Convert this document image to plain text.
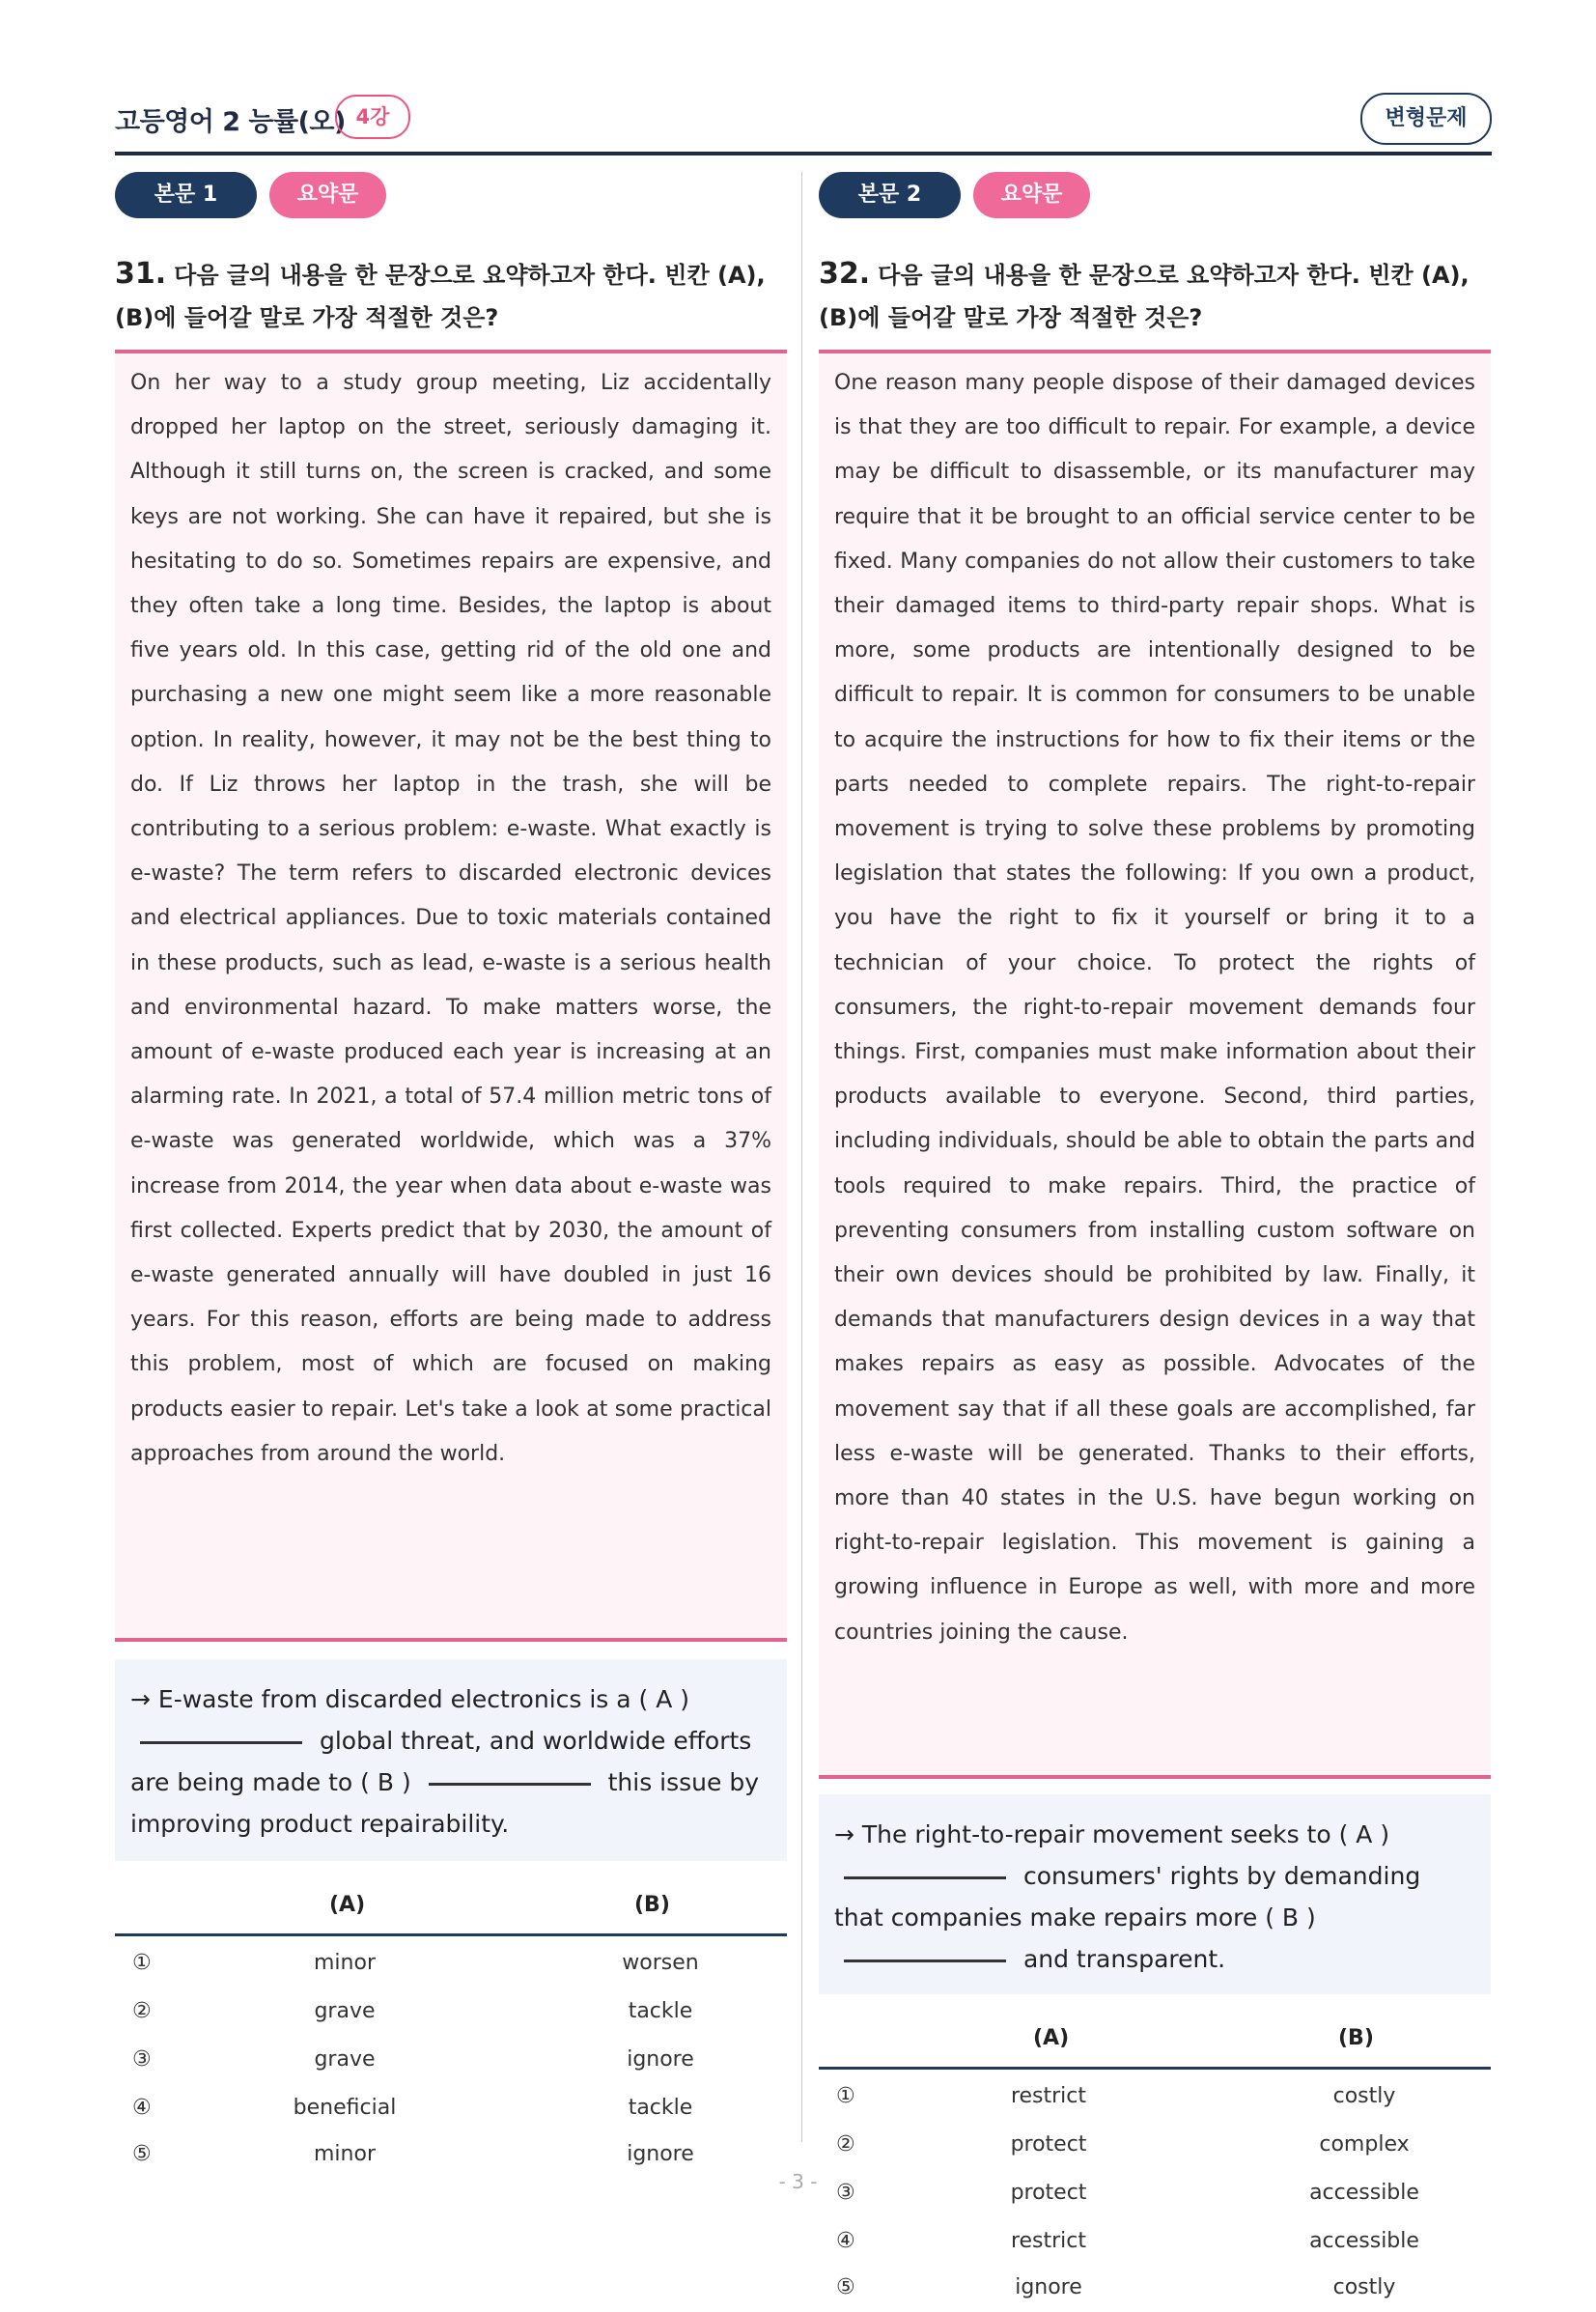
고등영어 2 능률(오) 4강	변형문제
본문 1	요약문
31. 다음 글의 내용을 한 문장으로 요약하고자 한다. 빈칸 (A), (B)에 들어갈 말로 가장 적절한 것은?

On her way to a study group meeting, Liz accidentally dropped her laptop on the street, seriously damaging it. Although it still turns on, the screen is cracked, and some keys are not working. She can have it repaired, but she is hesitating to do so. Sometimes repairs are expensive, and they often take a long time. Besides, the laptop is about five years old. In this case, getting rid of the old one and purchasing a new one might seem like a more reasonable option. In reality, however, it may not be the best thing to do. If Liz throws her laptop in the trash, she will be contributing to a serious problem: e-waste. What exactly is e-waste? The term refers to discarded electronic devices and electrical appliances. Due to toxic materials contained in these products, such as lead, e-waste is a serious health and environmental hazard. To make matters worse, the amount of e-waste produced each year is increasing at an alarming rate. In 2021, a total of 57.4 million metric tons of e-waste was generated worldwide, which was a 37% increase from 2014, the year when data about e-waste was first collected. Experts predict that by 2030, the amount of e-waste generated annually will have doubled in just 16 years. For this reason, efforts are being made to address this problem, most of which are focused on making products easier to repair. Let's take a look at some practical approaches from around the world.

→ E-waste from discarded electronics is a ( A )
global threat, and worldwide efforts are being made to ( B )	this issue by improving product repairability.
(A)	(B)
①	minor	worsen
②	grave	tackle
③	grave	ignore
④	beneficial	tackle
⑤	minor	ignore
본문 2	요약문
32. 다음 글의 내용을 한 문장으로 요약하고자 한다. 빈칸 (A), (B)에 들어갈 말로 가장 적절한 것은?

One reason many people dispose of their damaged devices is that they are too difficult to repair. For example, a device may be difficult to disassemble, or its manufacturer may require that it be brought to an official service center to be fixed. Many companies do not allow their customers to take their damaged items to third-party repair shops. What is more, some products are intentionally designed to be difficult to repair. It is common for consumers to be unable to acquire the instructions for how to fix their items or the parts needed to complete repairs. The right-to-repair movement is trying to solve these problems by promoting legislation that states the following: If you own a product, you have the right to fix it yourself or bring it to a technician of your choice. To protect the rights of consumers, the right-to-repair movement demands four things. First, companies must make information about their products available to everyone. Second, third parties, including individuals, should be able to obtain the parts and tools required to make repairs. Third, the practice of preventing consumers from installing custom software on their own devices should be prohibited by law. Finally, it demands that manufacturers design devices in a way that makes repairs as easy as possible. Advocates of the movement say that if all these goals are accomplished, far less e-waste will be generated. Thanks to their efforts, more than 40 states in the U.S. have begun working on right-to-repair legislation. This movement is gaining a growing influence in Europe as well, with more and more countries joining the cause.

→ The right-to-repair movement seeks to ( A )
consumers' rights by demanding that companies make repairs more ( B )  and transparent.
(A)	(B)
①	restrict	costly
②	protect	complex
③	protect	accessible
④	restrict	accessible
⑤	ignore	costly
- 3 -
